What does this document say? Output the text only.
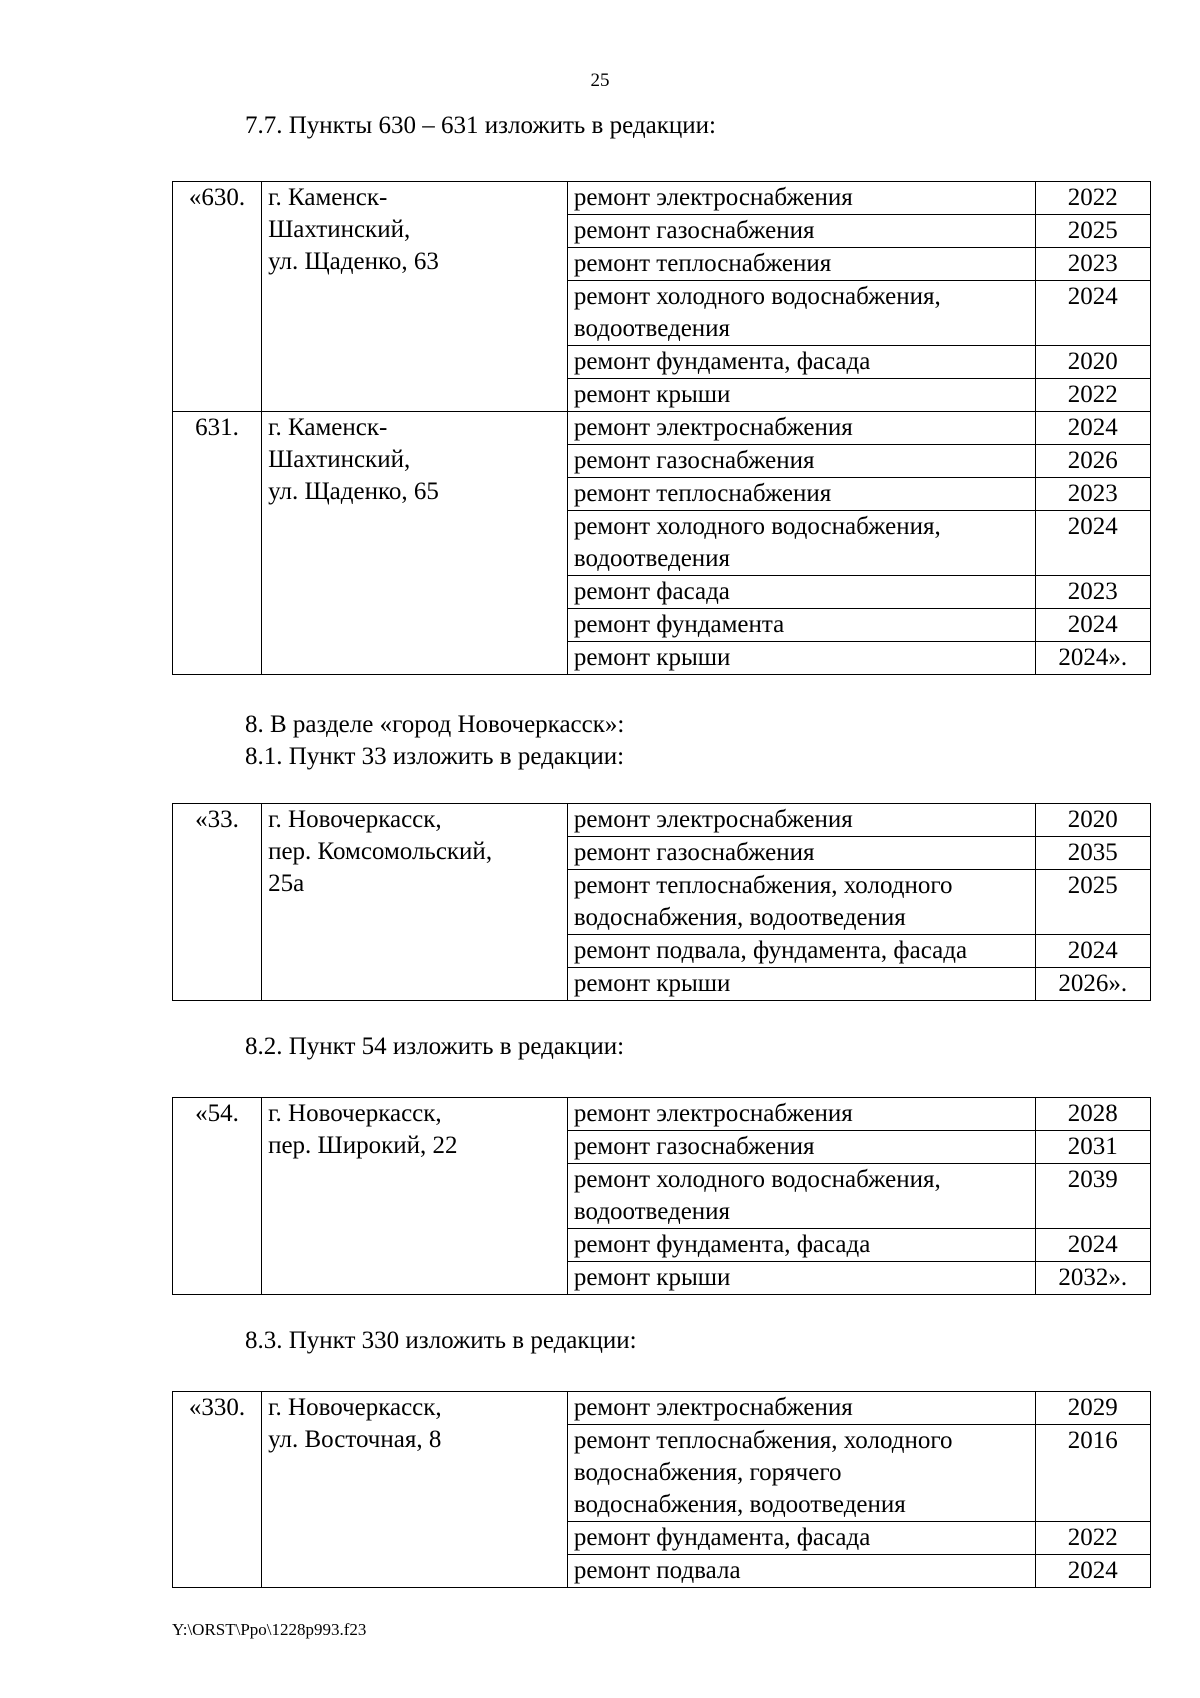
25
7.7. Пункты 630 – 631 изложить в редакции:
«630.	г. Каменск-
Шахтинский,
ул. Щаденко, 63	ремонт электроснабжения	2022
		ремонт газоснабжения	2025
		ремонт теплоснабжения	2023
		ремонт холодного водоснабжения,
водоотведения	2024
		ремонт фундамента, фасада	2020
		ремонт крыши	2022
631.	г. Каменск-
Шахтинский,
ул. Щаденко, 65	ремонт электроснабжения	2024
		ремонт газоснабжения	2026
		ремонт теплоснабжения	2023
		ремонт холодного водоснабжения,
водоотведения	2024
		ремонт фасада	2023
		ремонт фундамента	2024
		ремонт крыши	2024».
8. В разделе «город Новочеркасск»:
8.1. Пункт 33 изложить в редакции:
«33.	г. Новочеркасск,
пер. Комсомольский,
25а	ремонт электроснабжения	2020
		ремонт газоснабжения	2035
		ремонт теплоснабжения, холодного
водоснабжения, водоотведения	2025
		ремонт подвала, фундамента, фасада	2024
		ремонт крыши	2026».
8.2. Пункт 54 изложить в редакции:
«54.	г. Новочеркасск,
пер. Широкий, 22	ремонт электроснабжения	2028
		ремонт газоснабжения	2031
		ремонт холодного водоснабжения,
водоотведения	2039
		ремонт фундамента, фасада	2024
		ремонт крыши	2032».
8.3. Пункт 330 изложить в редакции:
«330.	г. Новочеркасск,
ул. Восточная, 8	ремонт электроснабжения	2029
		ремонт теплоснабжения, холодного
водоснабжения, горячего
водоснабжения, водоотведения	2016
		ремонт фундамента, фасада	2022
		ремонт подвала	2024
Y:\ORST\Ppo\1228p993.f23
